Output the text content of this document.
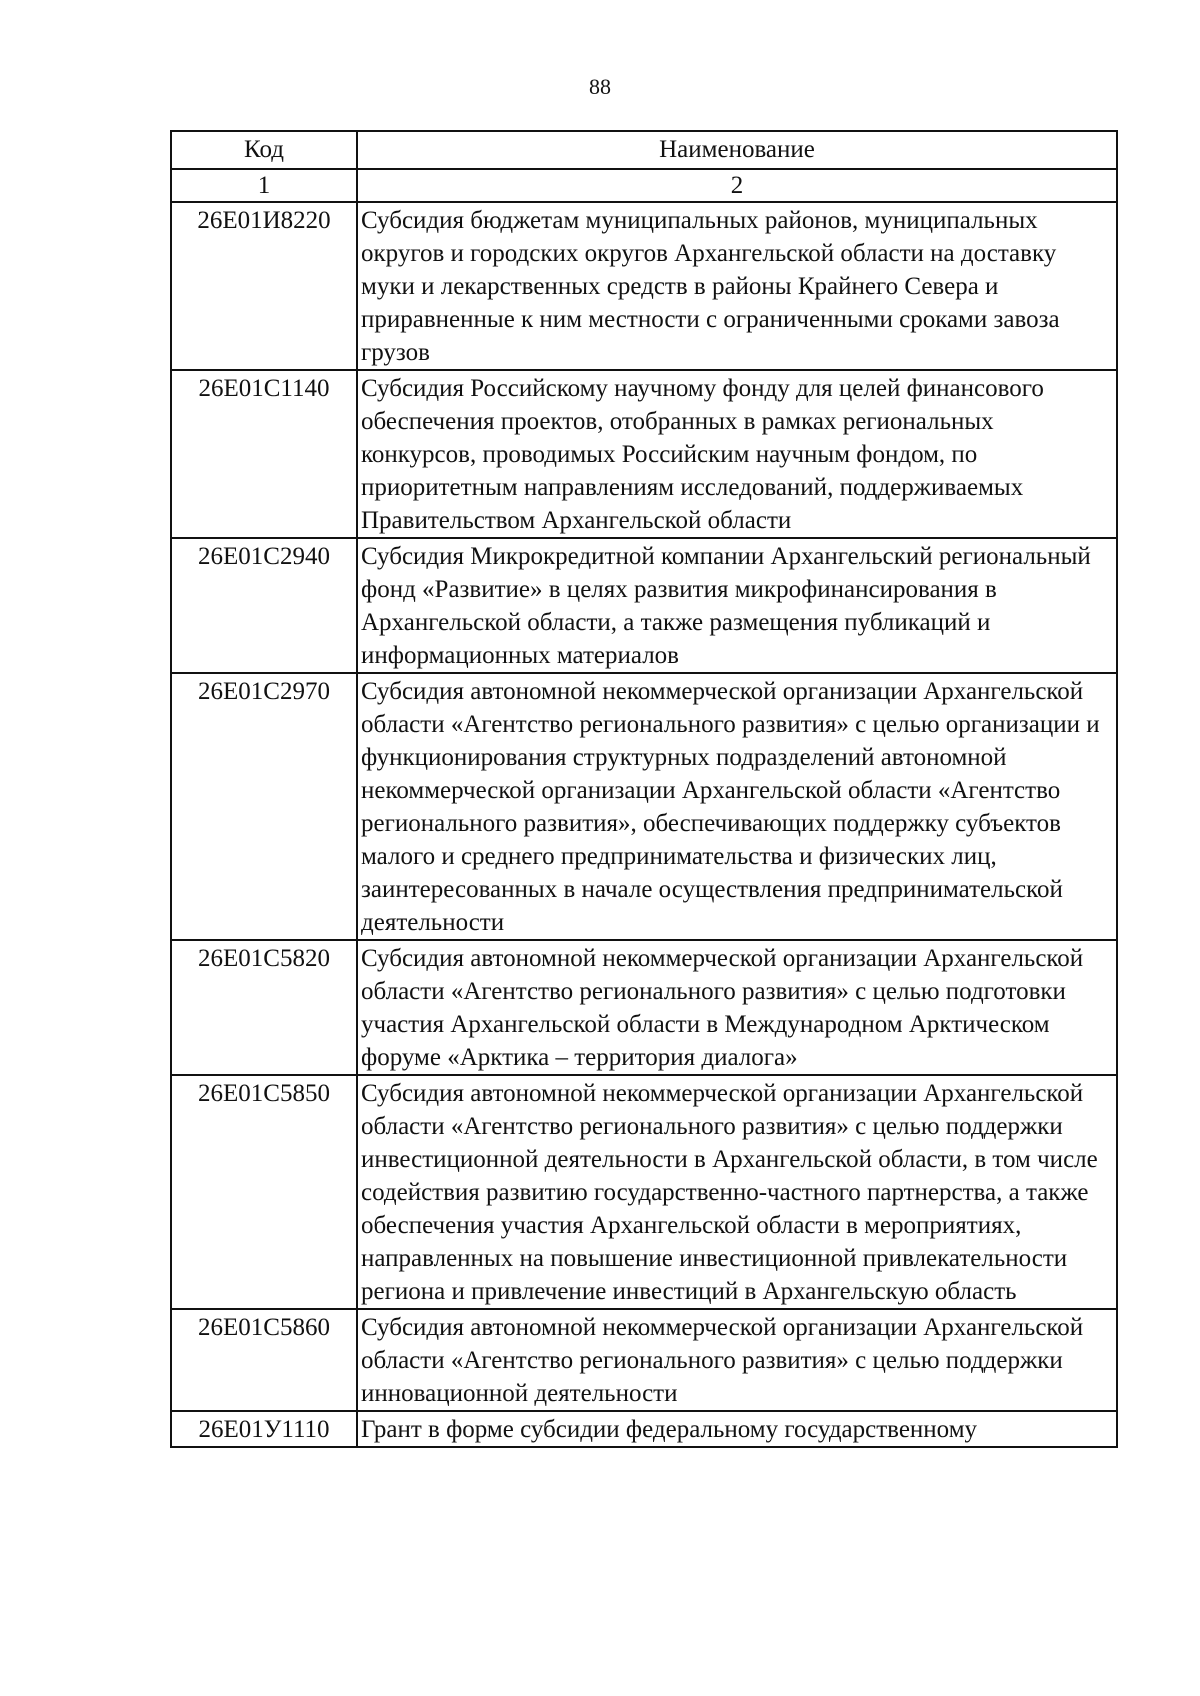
88
Код	Наименование
1	2
26Е01И8220	Субсидия бюджетам муниципальных районов, муниципальных округов и городских округов Архангельской области на доставку муки и лекарственных средств в районы Крайнего Севера и приравненные к ним местности с ограниченными сроками завоза грузов
26Е01С1140	Субсидия Российскому научному фонду для целей финансового обеспечения проектов, отобранных в рамках региональных конкурсов, проводимых Российским научным фондом, по приоритетным направлениям исследований, поддерживаемых Правительством Архангельской области
26Е01С2940	Субсидия Микрокредитной компании Архангельский региональный фонд «Развитие» в целях развития микрофинансирования в Архангельской области, а также размещения публикаций и информационных материалов
26Е01С2970	Субсидия автономной некоммерческой организации Архангельской области «Агентство регионального развития» с целью организации и функционирования структурных подразделений автономной некоммерческой организации Архангельской области «Агентство регионального развития», обеспечивающих поддержку субъектов малого и среднего предпринимательства и физических лиц, заинтересованных в начале осуществления предпринимательской деятельности
26Е01С5820	Субсидия автономной некоммерческой организации Архангельской области «Агентство регионального развития» с целью подготовки участия Архангельской области в Международном Арктическом форуме «Арктика – территория диалога»
26Е01С5850	Субсидия автономной некоммерческой организации Архангельской области «Агентство регионального развития» с целью поддержки инвестиционной деятельности в Архангельской области, в том числе содействия развитию государственно-частного партнерства, а также обеспечения участия Архангельской области в мероприятиях, направленных на повышение инвестиционной привлекательности региона и привлечение инвестиций в Архангельскую область
26Е01С5860	Субсидия автономной некоммерческой организации Архангельской области «Агентство регионального развития» с целью поддержки инновационной деятельности
26Е01У1110	Грант в форме субсидии федеральному государственному
